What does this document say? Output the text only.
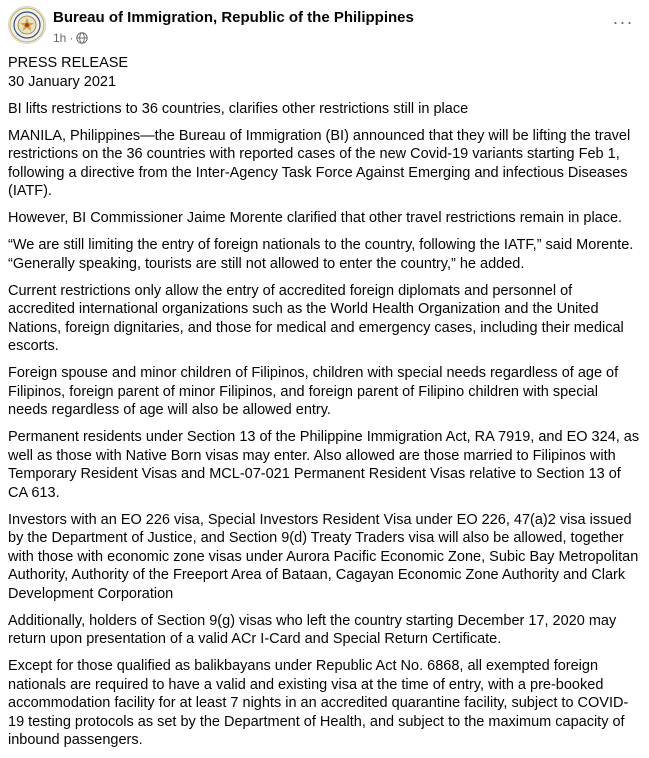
Bureau of Immigration, Republic of the Philippines
1h ·
···

PRESS RELEASE

30 January 2021

BI lifts restrictions to 36 countries, clarifies other restrictions still in place

MANILA, Philippines—the Bureau of Immigration (BI) announced that they will be lifting the travel restrictions on the 36 countries with reported cases of the new Covid-19 variants starting Feb 1, following a directive from the Inter-Agency Task Force Against Emerging and infectious Diseases (IATF).

However, BI Commissioner Jaime Morente clarified that other travel restrictions remain in place.

“We are still limiting the entry of foreign nationals to the country, following the IATF,” said Morente. “Generally speaking, tourists are still not allowed to enter the country,” he added.

Current restrictions only allow the entry of accredited foreign diplomats and personnel of accredited international organizations such as the World Health Organization and the United Nations, foreign dignitaries, and those for medical and emergency cases, including their medical escorts.

Foreign spouse and minor children of Filipinos, children with special needs regardless of age of Filipinos, foreign parent of minor Filipinos, and foreign parent of Filipino children with special needs regardless of age will also be allowed entry.

Permanent residents under Section 13 of the Philippine Immigration Act, RA 7919, and EO 324, as well as those with Native Born visas may enter. Also allowed are those married to Filipinos with Temporary Resident Visas and MCL-07-021 Permanent Resident Visas relative to Section 13 of CA 613.

Investors with an EO 226 visa, Special Investors Resident Visa under EO 226, 47(a)2 visa issued by the Department of Justice, and Section 9(d) Treaty Traders visa will also be allowed, together with those with economic zone visas under Aurora Pacific Economic Zone, Subic Bay Metropolitan Authority, Authority of the Freeport Area of Bataan, Cagayan Economic Zone Authority and Clark Development Corporation

Additionally, holders of Section 9(g) visas who left the country starting December 17, 2020 may return upon presentation of a valid ACr I-Card and Special Return Certificate.

Except for those qualified as balikbayans under Republic Act No. 6868, all exempted foreign nationals are required to have a valid and existing visa at the time of entry, with a pre-booked accommodation facility for at least 7 nights in an accredited quarantine facility, subject to COVID-19 testing protocols as set by the Department of Health, and subject to the maximum capacity of inbound passengers.
